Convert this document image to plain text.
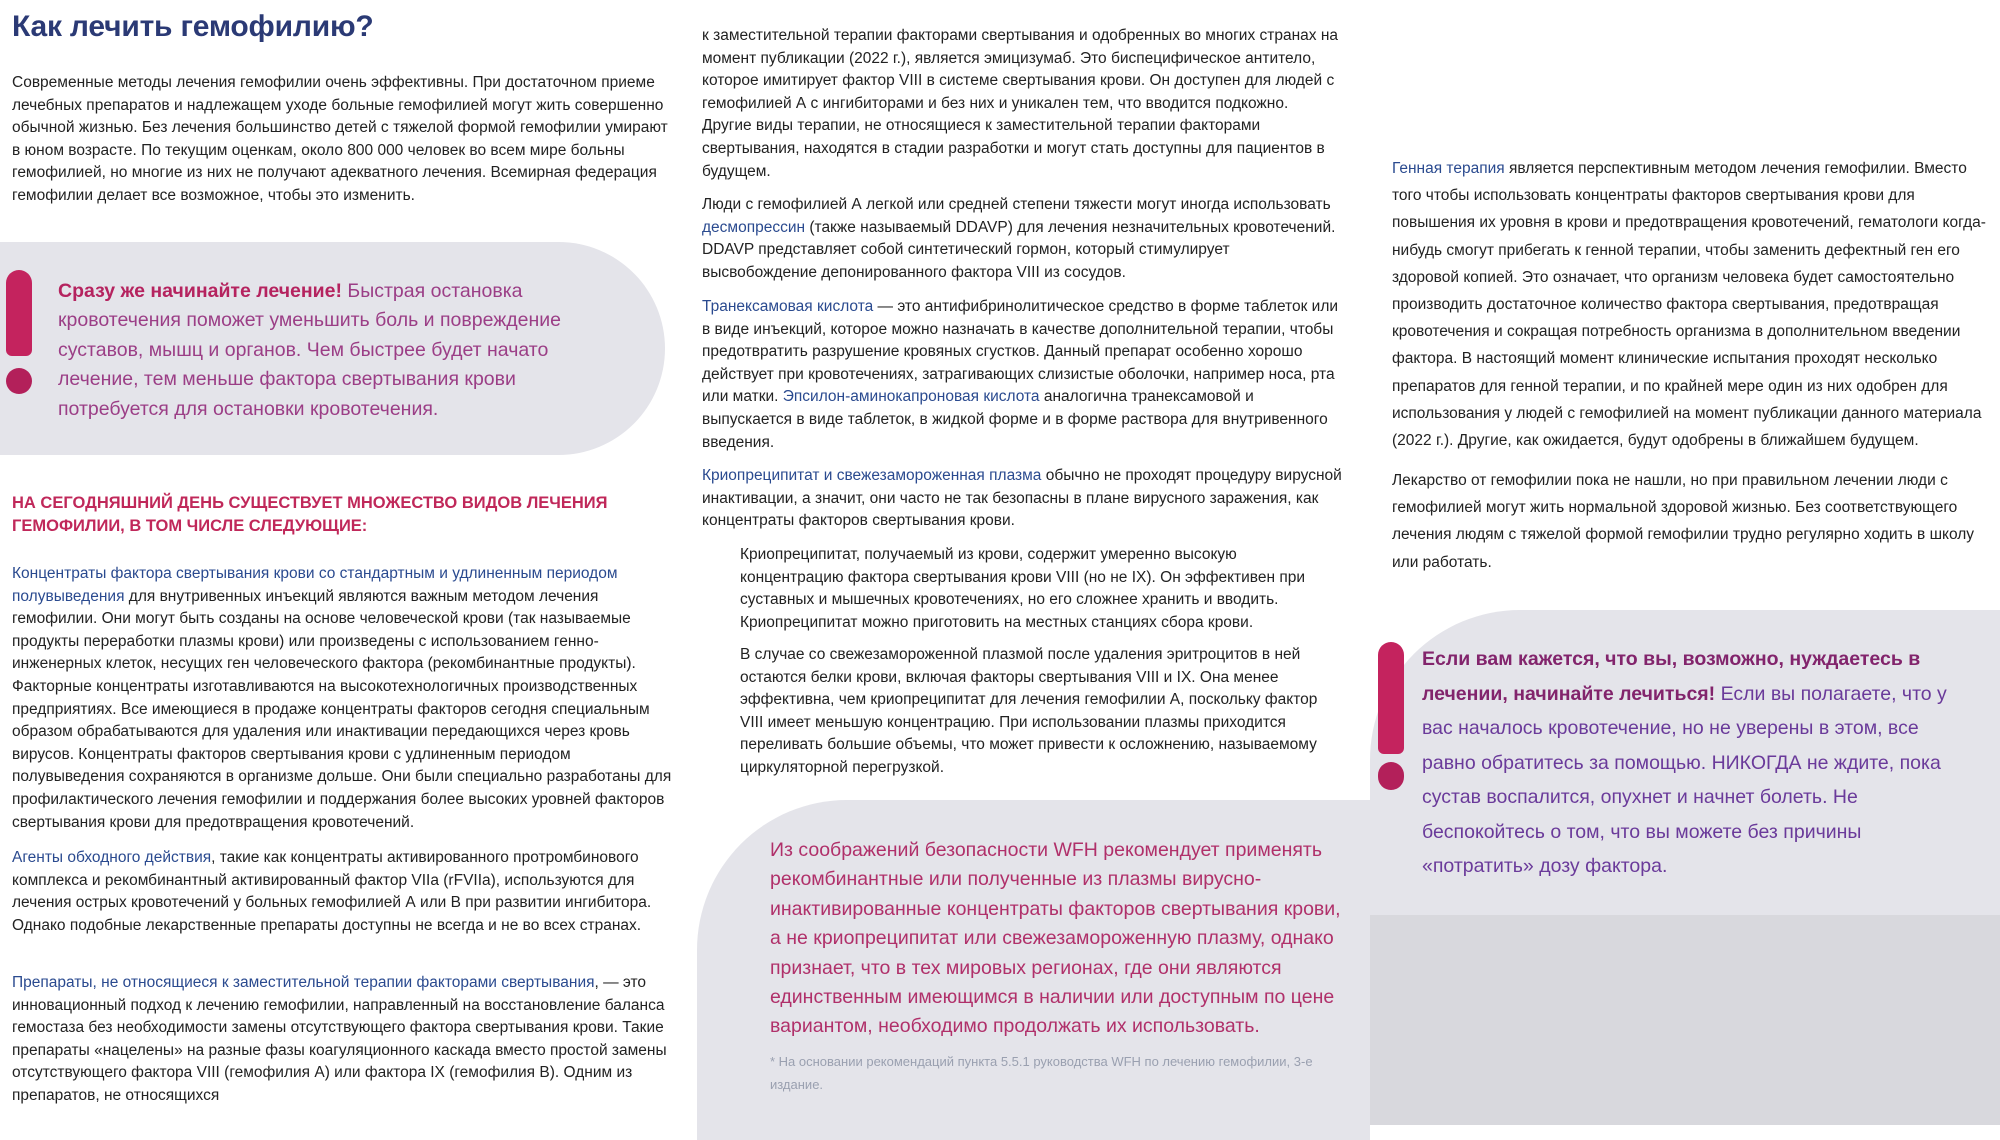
Как лечить гемофилию?

Современные методы лечения гемофилии очень эффективны. При достаточном приеме лечебных препаратов и надлежащем уходе больные гемофилией могут жить совершенно обычной жизнью. Без лечения большинство детей с тяжелой формой гемофилии умирают в юном возрасте. По текущим оценкам, около 800 000 человек во всем мире больны гемофилией, но многие из них не получают адекватного лечения. Всемирная федерация гемофилии делает все возможное, чтобы это изменить.

Сразу же начинайте лечение! Быстрая остановка кровотечения поможет уменьшить боль и повреждение суставов, мышц и органов. Чем быстрее будет начато лечение, тем меньше фактора свертывания крови потребуется для остановки кровотечения.

НА СЕГОДНЯШНИЙ ДЕНЬ СУЩЕСТВУЕТ МНОЖЕСТВО ВИДОВ ЛЕЧЕНИЯ ГЕМОФИЛИИ, В ТОМ ЧИСЛЕ СЛЕДУЮЩИЕ:

Концентраты фактора свертывания крови со стандартным и удлиненным периодом полувыведения для внутривенных инъекций являются важным методом лечения гемофилии. Они могут быть созданы на основе человеческой крови (так называемые продукты переработки плазмы крови) или произведены с использованием генно-инженерных клеток, несущих ген человеческого фактора (рекомбинантные продукты). Факторные концентраты изготавливаются на высокотехнологичных производственных предприятиях. Все имеющиеся в продаже концентраты факторов сегодня специальным образом обрабатываются для удаления или инактивации передающихся через кровь вирусов. Концентраты факторов свертывания крови с удлиненным периодом полувыведения сохраняются в организме дольше. Они были специально разработаны для профилактического лечения гемофилии и поддержания более высоких уровней факторов свертывания крови для предотвращения кровотечений.

Агенты обходного действия, такие как концентраты активированного протромбинового комплекса и рекомбинантный активированный фактор VIIa (rFVIIa), используются для лечения острых кровотечений у больных гемофилией А или В при развитии ингибитора. Однако подобные лекарственные препараты доступны не всегда и не во всех странах.

Препараты, не относящиеся к заместительной терапии факторами свертывания, — это инновационный подход к лечению гемофилии, направленный на восстановление баланса гемостаза без необходимости замены отсутствующего фактора свертывания крови. Такие препараты «нацелены» на разные фазы коагуляционного каскада вместо простой замены отсутствующего фактора VIII (гемофилия А) или фактора IX (гемофилия В). Одним из препаратов, не относящихся

к заместительной терапии факторами свертывания и одобренных во многих странах на момент публикации (2022 г.), является эмицизумаб. Это биспецифическое антитело, которое имитирует фактор VIII в системе свертывания крови. Он доступен для людей с гемофилией А с ингибиторами и без них и уникален тем, что вводится подкожно. Другие виды терапии, не относящиеся к заместительной терапии факторами свертывания, находятся в стадии разработки и могут стать доступны для пациентов в будущем.

Люди с гемофилией А легкой или средней степени тяжести могут иногда использовать десмопрессин (также называемый DDAVP) для лечения незначительных кровотечений. DDAVP представляет собой синтетический гормон, который стимулирует высвобождение депонированного фактора VIII из сосудов.

Транексамовая кислота — это антифибринолитическое средство в форме таблеток или в виде инъекций, которое можно назначать в качестве дополнительной терапии, чтобы предотвратить разрушение кровяных сгустков. Данный препарат особенно хорошо действует при кровотечениях, затрагивающих слизистые оболочки, например носа, рта или матки. Эпсилон-аминокапроновая кислота аналогична транексамовой и выпускается в виде таблеток, в жидкой форме и в форме раствора для внутривенного введения.

Криопреципитат и свежезамороженная плазма обычно не проходят процедуру вирусной инактивации, а значит, они часто не так безопасны в плане вирусного заражения, как концентраты факторов свертывания крови.

Криопреципитат, получаемый из крови, содержит умеренно высокую концентрацию фактора свертывания крови VIII (но не IX). Он эффективен при суставных и мышечных кровотечениях, но его сложнее хранить и вводить. Криопреципитат можно приготовить на местных станциях сбора крови.

В случае со свежезамороженной плазмой после удаления эритроцитов в ней остаются белки крови, включая факторы свертывания VIII и IX. Она менее эффективна, чем криопреципитат для лечения гемофилии А, поскольку фактор VIII имеет меньшую концентрацию. При использовании плазмы приходится переливать большие объемы, что может привести к осложнению, называемому циркуляторной перегрузкой.

Из соображений безопасности WFH рекомендует применять рекомбинантные или полученные из плазмы вирусно-инактивированные концентраты факторов свертывания крови, а не криопреципитат или свежезамороженную плазму, однако признает, что в тех мировых регионах, где они являются единственным имеющимся в наличии или доступным по цене вариантом, необходимо продолжать их использовать.

* На основании рекомендаций пункта 5.5.1 руководства WFH по лечению гемофилии, 3-е издание.

Генная терапия является перспективным методом лечения гемофилии. Вместо того чтобы использовать концентраты факторов свертывания крови для повышения их уровня в крови и предотвращения кровотечений, гематологи когда-нибудь смогут прибегать к генной терапии, чтобы заменить дефектный ген его здоровой копией. Это означает, что организм человека будет самостоятельно производить достаточное количество фактора свертывания, предотвращая кровотечения и сокращая потребность организма в дополнительном введении фактора. В настоящий момент клинические испытания проходят несколько препаратов для генной терапии, и по крайней мере один из них одобрен для использования у людей с гемофилией на момент публикации данного материала (2022 г.). Другие, как ожидается, будут одобрены в ближайшем будущем.

Лекарство от гемофилии пока не нашли, но при правильном лечении люди с гемофилией могут жить нормальной здоровой жизнью. Без соответствующего лечения людям с тяжелой формой гемофилии трудно регулярно ходить в школу или работать.

Если вам кажется, что вы, возможно, нуждаетесь в лечении, начинайте лечиться! Если вы полагаете, что у вас началось кровотечение, но не уверены в этом, все равно обратитесь за помощью. НИКОГДА не ждите, пока сустав воспалится, опухнет и начнет болеть. Не беспокойтесь о том, что вы можете без причины «потратить» дозу фактора.
